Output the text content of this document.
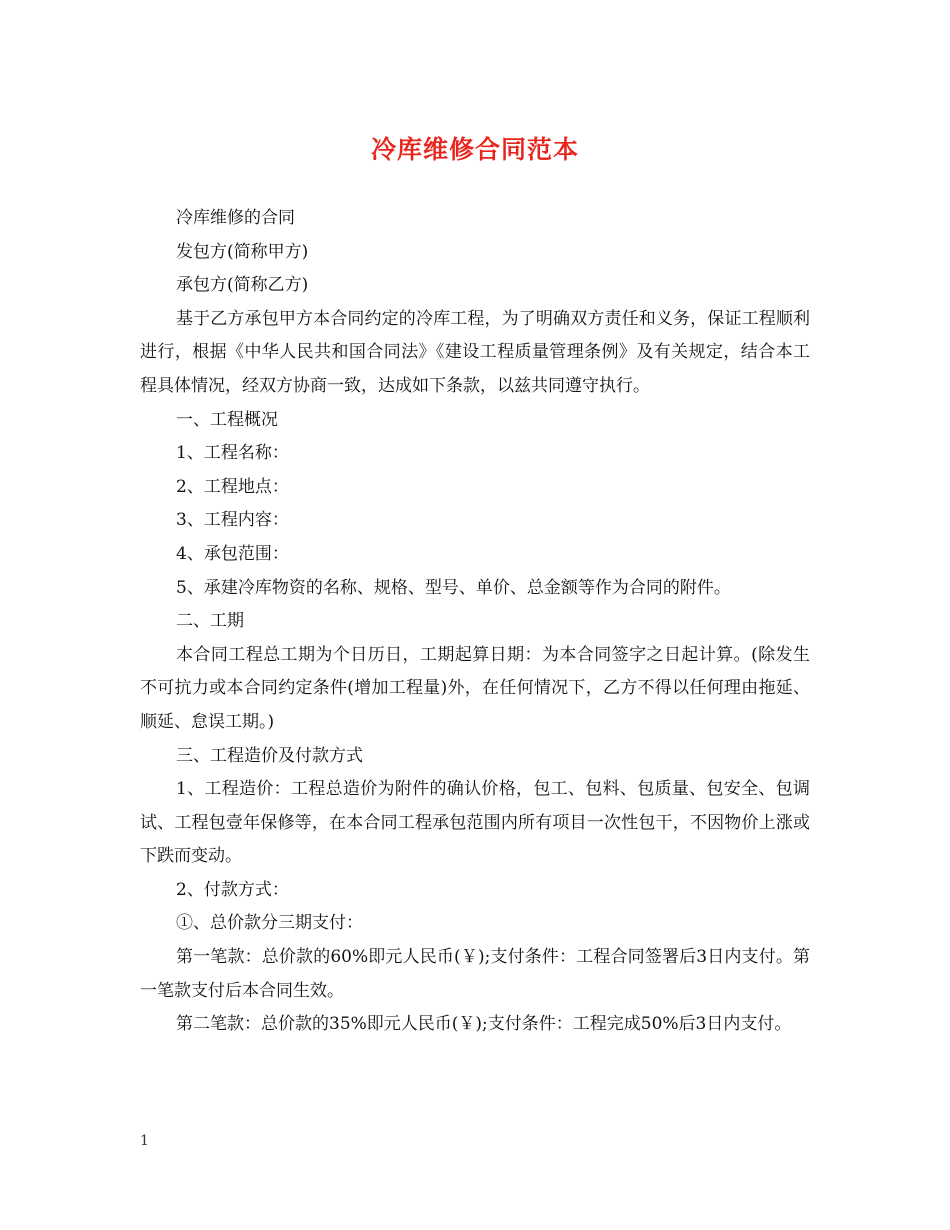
冷库维修合同范本

冷库维修的合同

发包方(简称甲方)

承包方(简称乙方)

基于乙方承包甲方本合同约定的冷库工程，为了明确双方责任和义务，保证工程顺利进行，根据《中华人民共和国合同法》《建设工程质量管理条例》及有关规定，结合本工程具体情况，经双方协商一致，达成如下条款，以兹共同遵守执行。

一、工程概况

1、工程名称：

2、工程地点：

3、工程内容：

4、承包范围：

5、承建冷库物资的名称、规格、型号、单价、总金额等作为合同的附件。

二、工期

本合同工程总工期为个日历日，工期起算日期：为本合同签字之日起计算。(除发生不可抗力或本合同约定条件(增加工程量)外，在任何情况下，乙方不得以任何理由拖延、顺延、怠误工期。)

三、工程造价及付款方式

1、工程造价：工程总造价为附件的确认价格，包工、包料、包质量、包安全、包调试、工程包壹年保修等，在本合同工程承包范围内所有项目一次性包干，不因物价上涨或下跌而变动。

2、付款方式：

①、总价款分三期支付：

第一笔款：总价款的60%即元人民币(￥);支付条件：工程合同签署后3日内支付。第一笔款支付后本合同生效。

第二笔款：总价款的35%即元人民币(￥);支付条件：工程完成50%后3日内支付。

1
